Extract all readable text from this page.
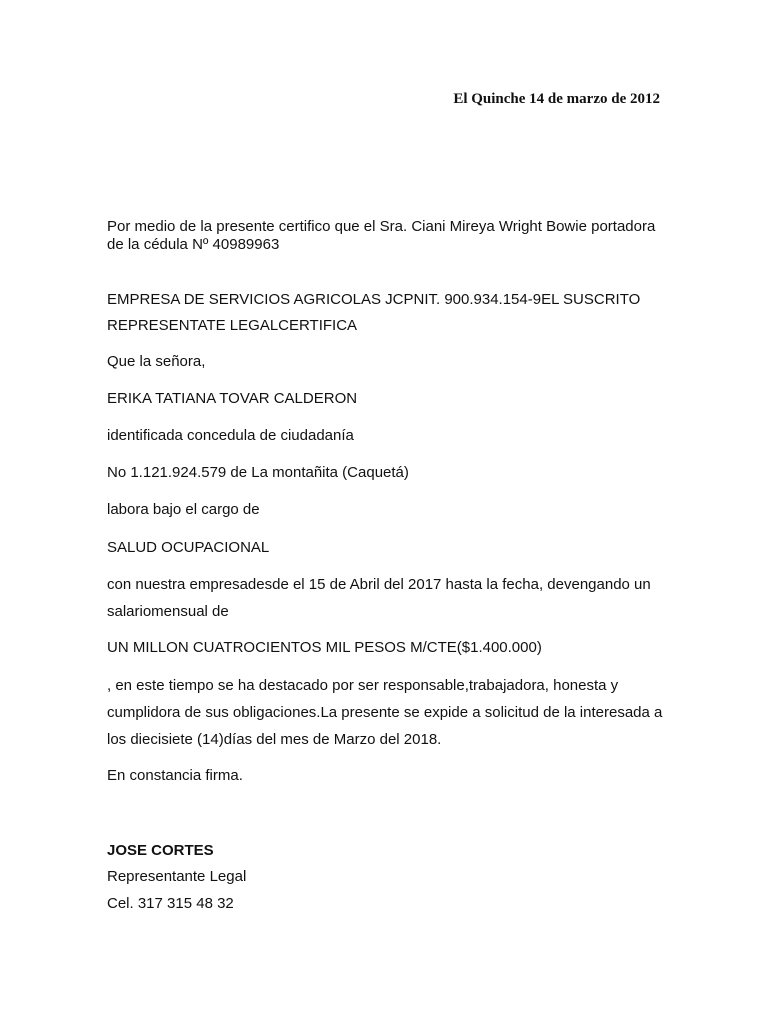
El Quinche 14 de marzo de 2012
Por medio de la presente certifico que el Sra. Ciani Mireya Wright Bowie portadora de la cédula Nº 40989963
EMPRESA DE SERVICIOS AGRICOLAS JCPNIT. 900.934.154-9EL SUSCRITO REPRESENTATE LEGALCERTIFICA
Que la señora,
ERIKA TATIANA TOVAR CALDERON
identificada concedula de ciudadanía
No 1.121.924.579 de La montañita (Caquetá)
labora bajo el cargo de
SALUD OCUPACIONAL
con nuestra empresadesde el 15 de Abril del 2017 hasta la fecha, devengando un salariomensual de
UN MILLON CUATROCIENTOS MIL PESOS M/CTE($1.400.000)
, en este tiempo se ha destacado por ser responsable,trabajadora, honesta y cumplidora de sus obligaciones.La presente se expide a solicitud de la interesada a los diecisiete (14)días del mes de Marzo del 2018.
En constancia firma.
JOSE CORTES
Representante Legal
Cel. 317 315 48 32
